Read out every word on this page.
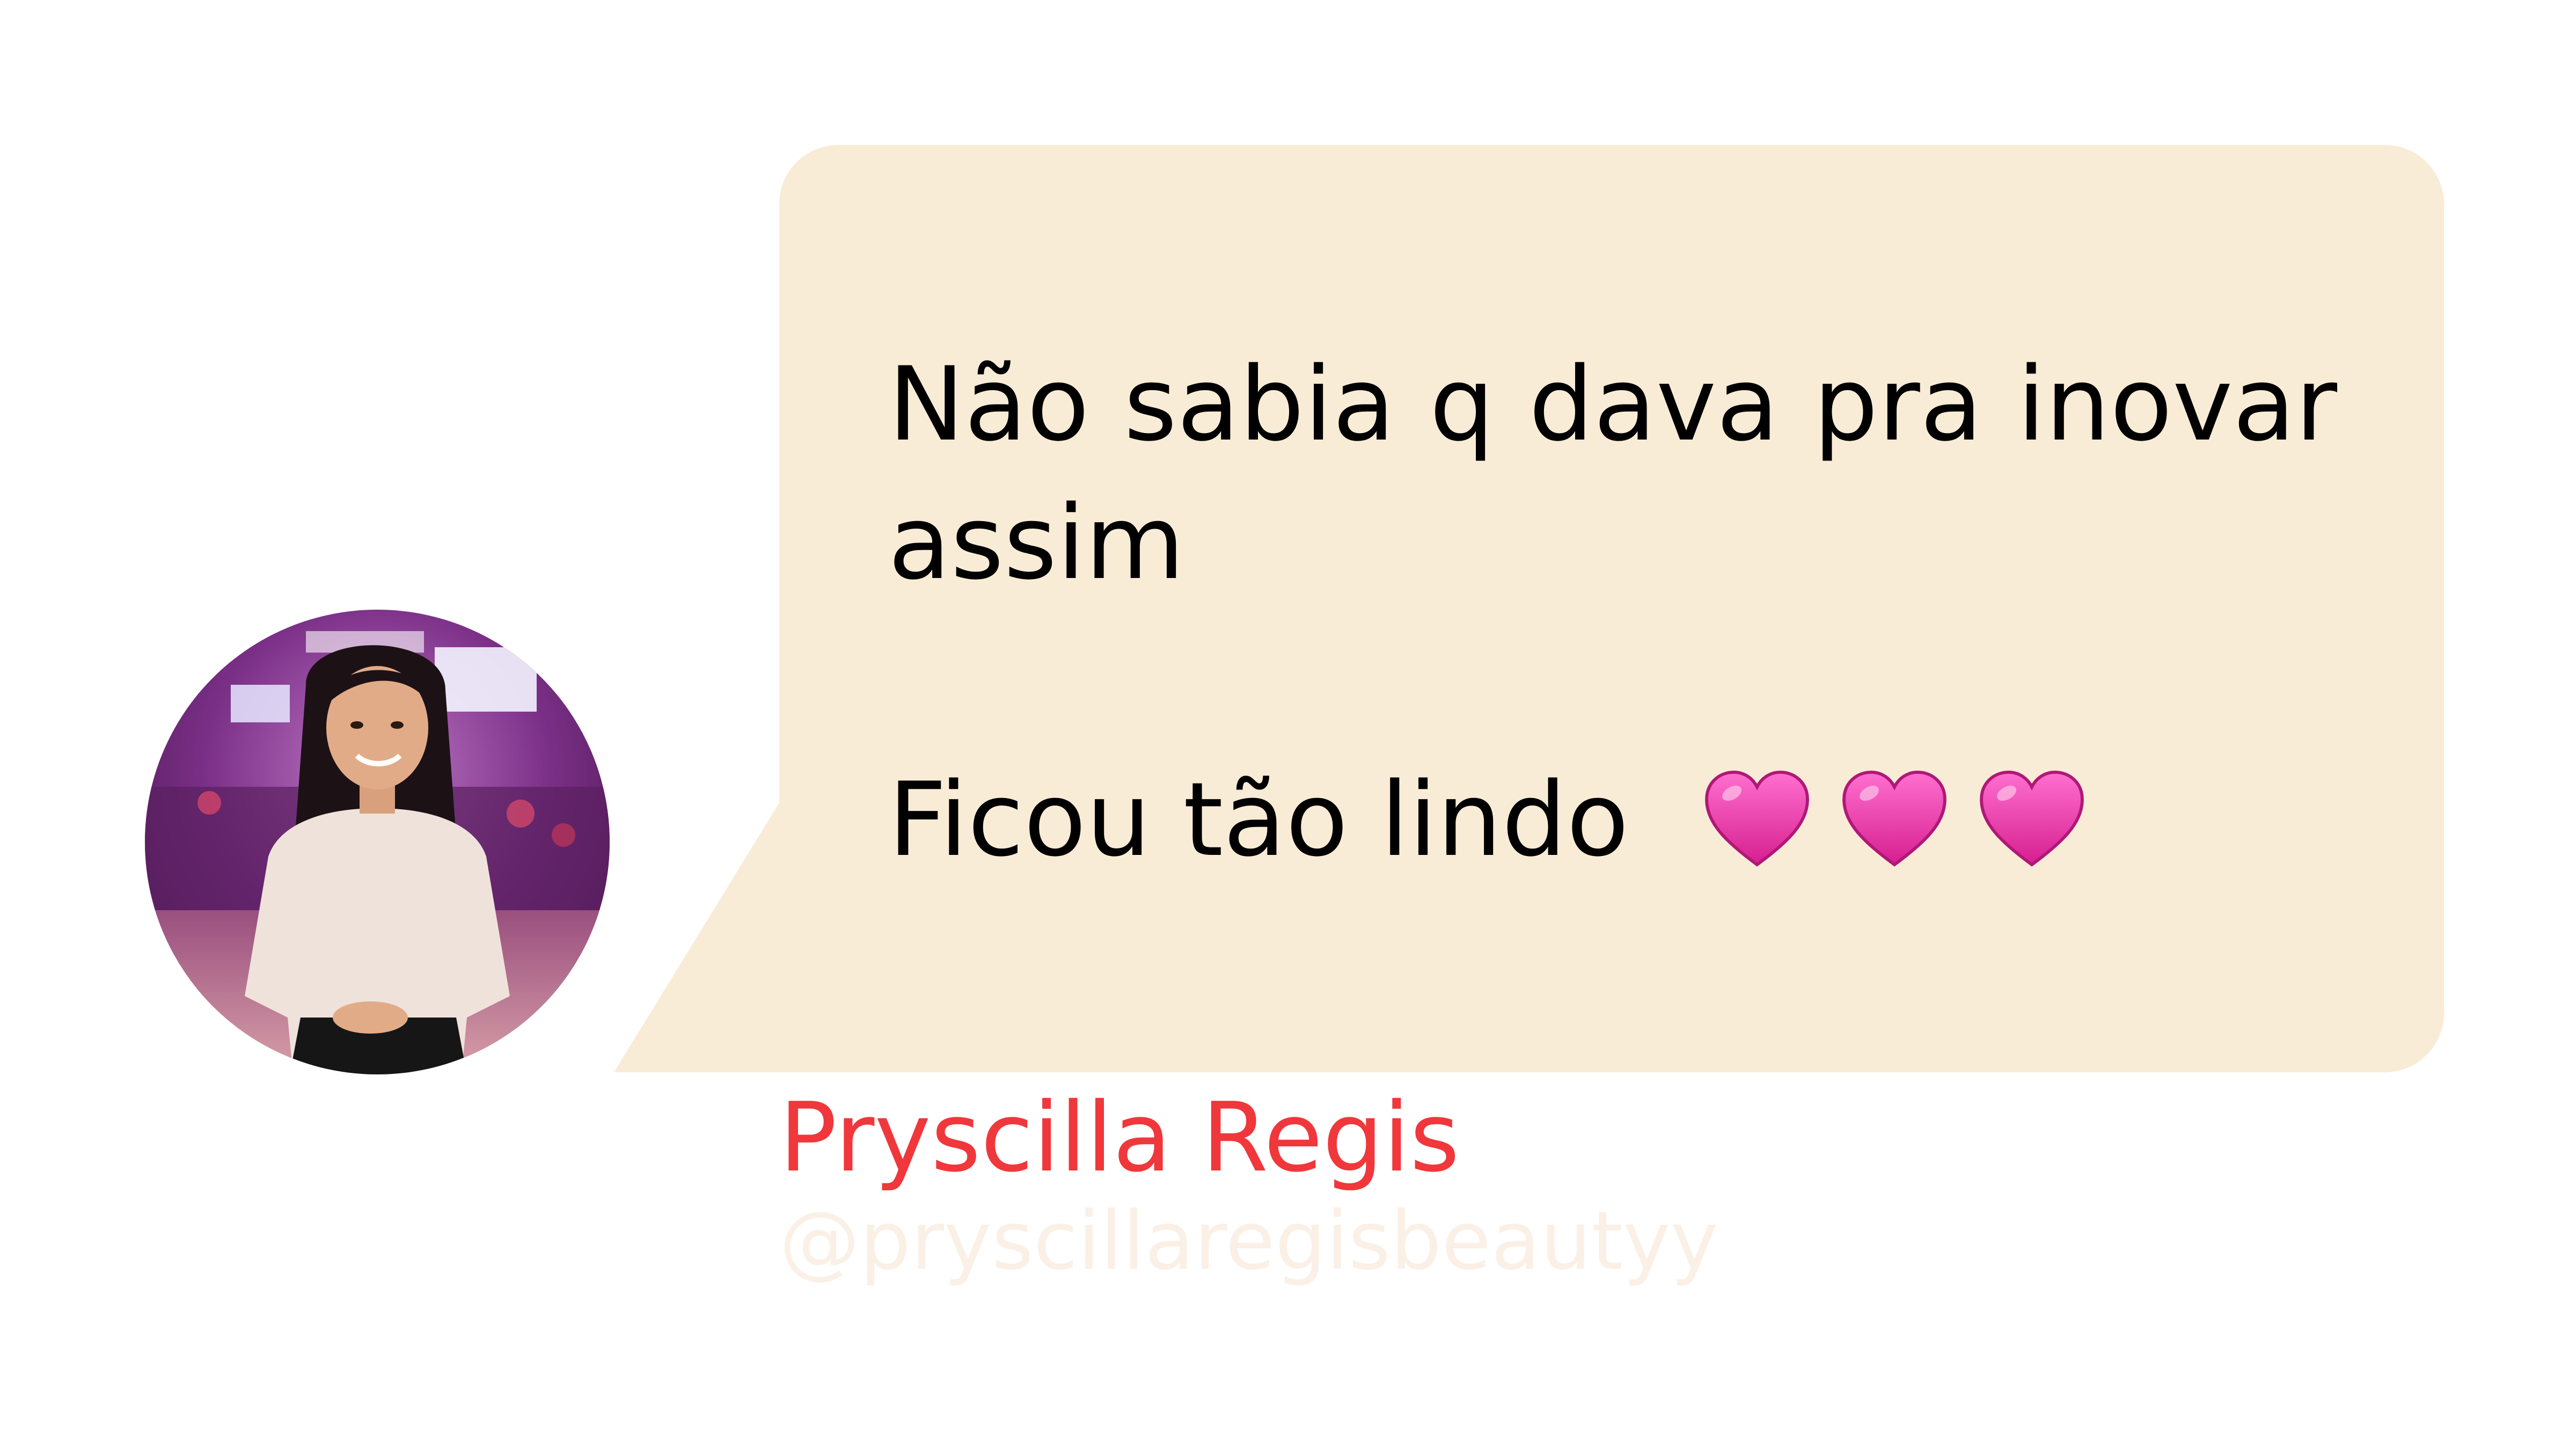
Não sabia q dava pra inovar
assim
Ficou tão lindo
Pryscilla Regis
@pryscillaregisbeautyy
